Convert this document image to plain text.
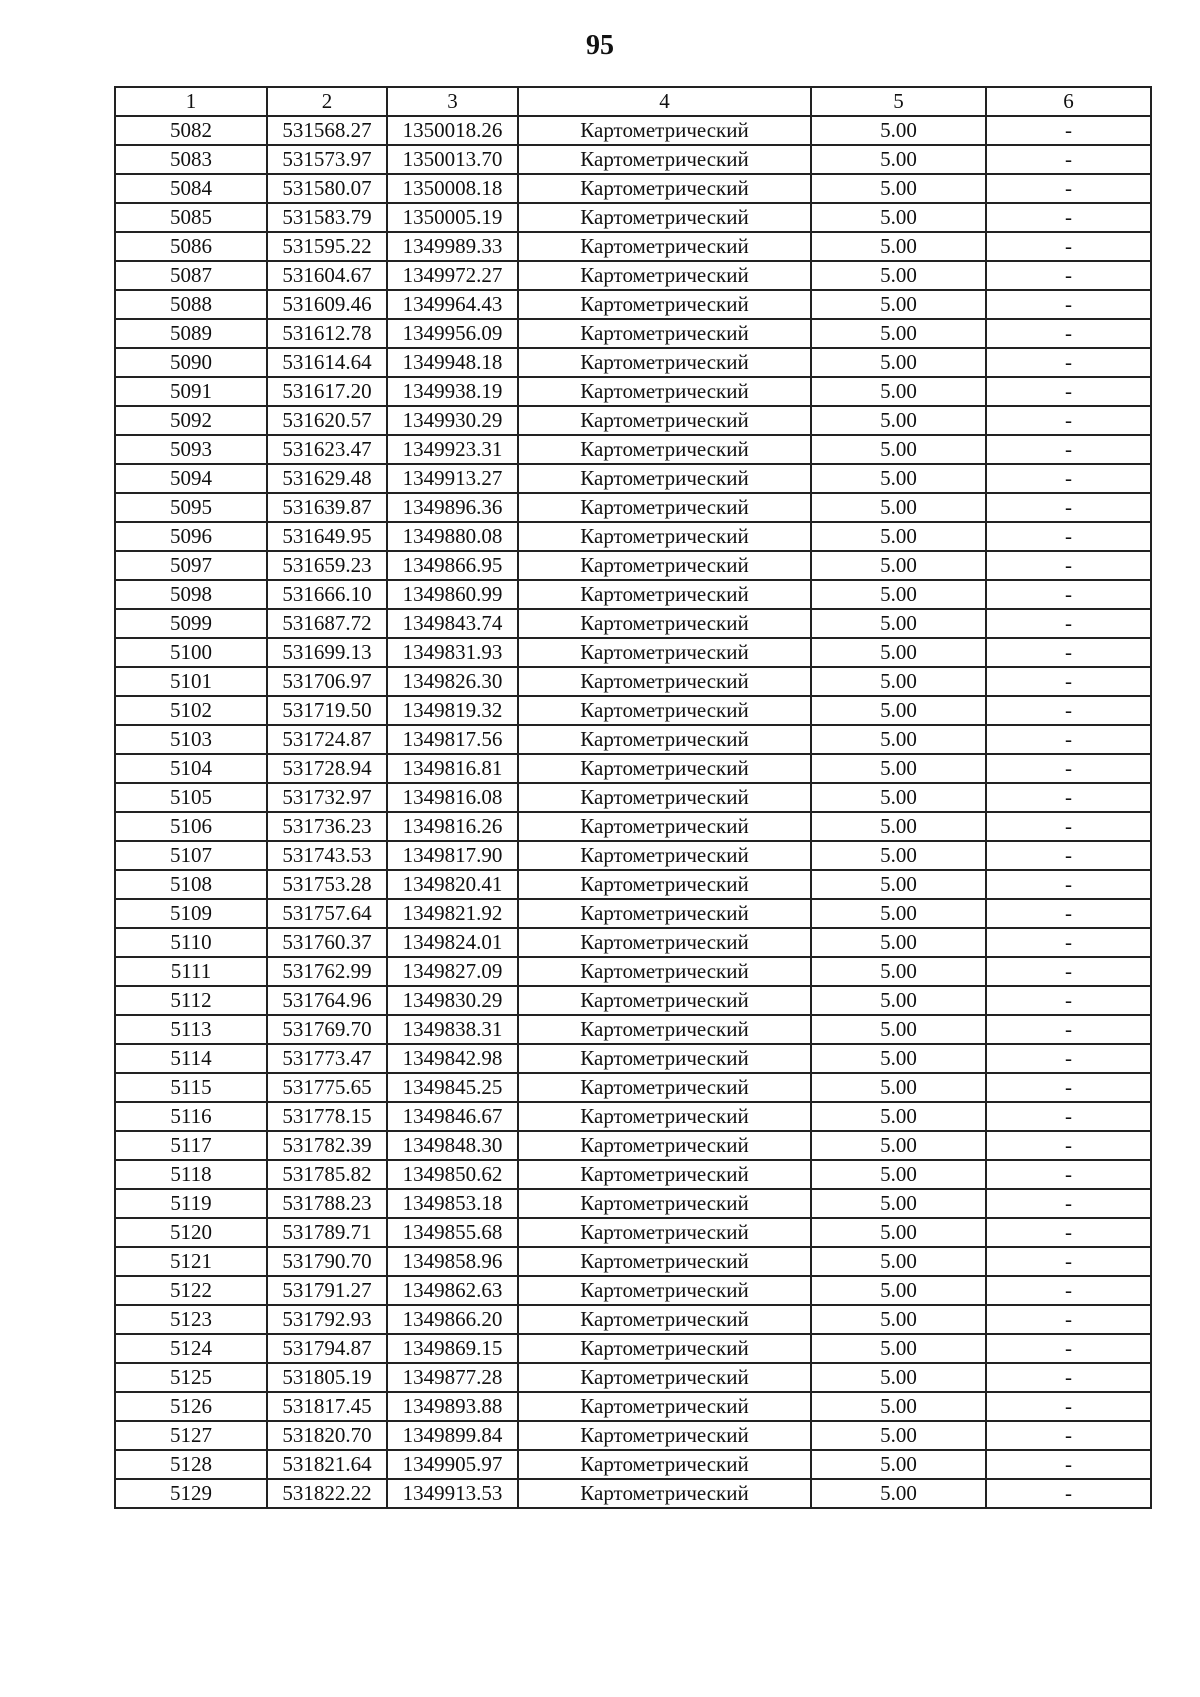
95
1	2	3	4	5	6
5082	531568.27	1350018.26	Картометрический	5.00	-
5083	531573.97	1350013.70	Картометрический	5.00	-
5084	531580.07	1350008.18	Картометрический	5.00	-
5085	531583.79	1350005.19	Картометрический	5.00	-
5086	531595.22	1349989.33	Картометрический	5.00	-
5087	531604.67	1349972.27	Картометрический	5.00	-
5088	531609.46	1349964.43	Картометрический	5.00	-
5089	531612.78	1349956.09	Картометрический	5.00	-
5090	531614.64	1349948.18	Картометрический	5.00	-
5091	531617.20	1349938.19	Картометрический	5.00	-
5092	531620.57	1349930.29	Картометрический	5.00	-
5093	531623.47	1349923.31	Картометрический	5.00	-
5094	531629.48	1349913.27	Картометрический	5.00	-
5095	531639.87	1349896.36	Картометрический	5.00	-
5096	531649.95	1349880.08	Картометрический	5.00	-
5097	531659.23	1349866.95	Картометрический	5.00	-
5098	531666.10	1349860.99	Картометрический	5.00	-
5099	531687.72	1349843.74	Картометрический	5.00	-
5100	531699.13	1349831.93	Картометрический	5.00	-
5101	531706.97	1349826.30	Картометрический	5.00	-
5102	531719.50	1349819.32	Картометрический	5.00	-
5103	531724.87	1349817.56	Картометрический	5.00	-
5104	531728.94	1349816.81	Картометрический	5.00	-
5105	531732.97	1349816.08	Картометрический	5.00	-
5106	531736.23	1349816.26	Картометрический	5.00	-
5107	531743.53	1349817.90	Картометрический	5.00	-
5108	531753.28	1349820.41	Картометрический	5.00	-
5109	531757.64	1349821.92	Картометрический	5.00	-
5110	531760.37	1349824.01	Картометрический	5.00	-
5111	531762.99	1349827.09	Картометрический	5.00	-
5112	531764.96	1349830.29	Картометрический	5.00	-
5113	531769.70	1349838.31	Картометрический	5.00	-
5114	531773.47	1349842.98	Картометрический	5.00	-
5115	531775.65	1349845.25	Картометрический	5.00	-
5116	531778.15	1349846.67	Картометрический	5.00	-
5117	531782.39	1349848.30	Картометрический	5.00	-
5118	531785.82	1349850.62	Картометрический	5.00	-
5119	531788.23	1349853.18	Картометрический	5.00	-
5120	531789.71	1349855.68	Картометрический	5.00	-
5121	531790.70	1349858.96	Картометрический	5.00	-
5122	531791.27	1349862.63	Картометрический	5.00	-
5123	531792.93	1349866.20	Картометрический	5.00	-
5124	531794.87	1349869.15	Картометрический	5.00	-
5125	531805.19	1349877.28	Картометрический	5.00	-
5126	531817.45	1349893.88	Картометрический	5.00	-
5127	531820.70	1349899.84	Картометрический	5.00	-
5128	531821.64	1349905.97	Картометрический	5.00	-
5129	531822.22	1349913.53	Картометрический	5.00	-
